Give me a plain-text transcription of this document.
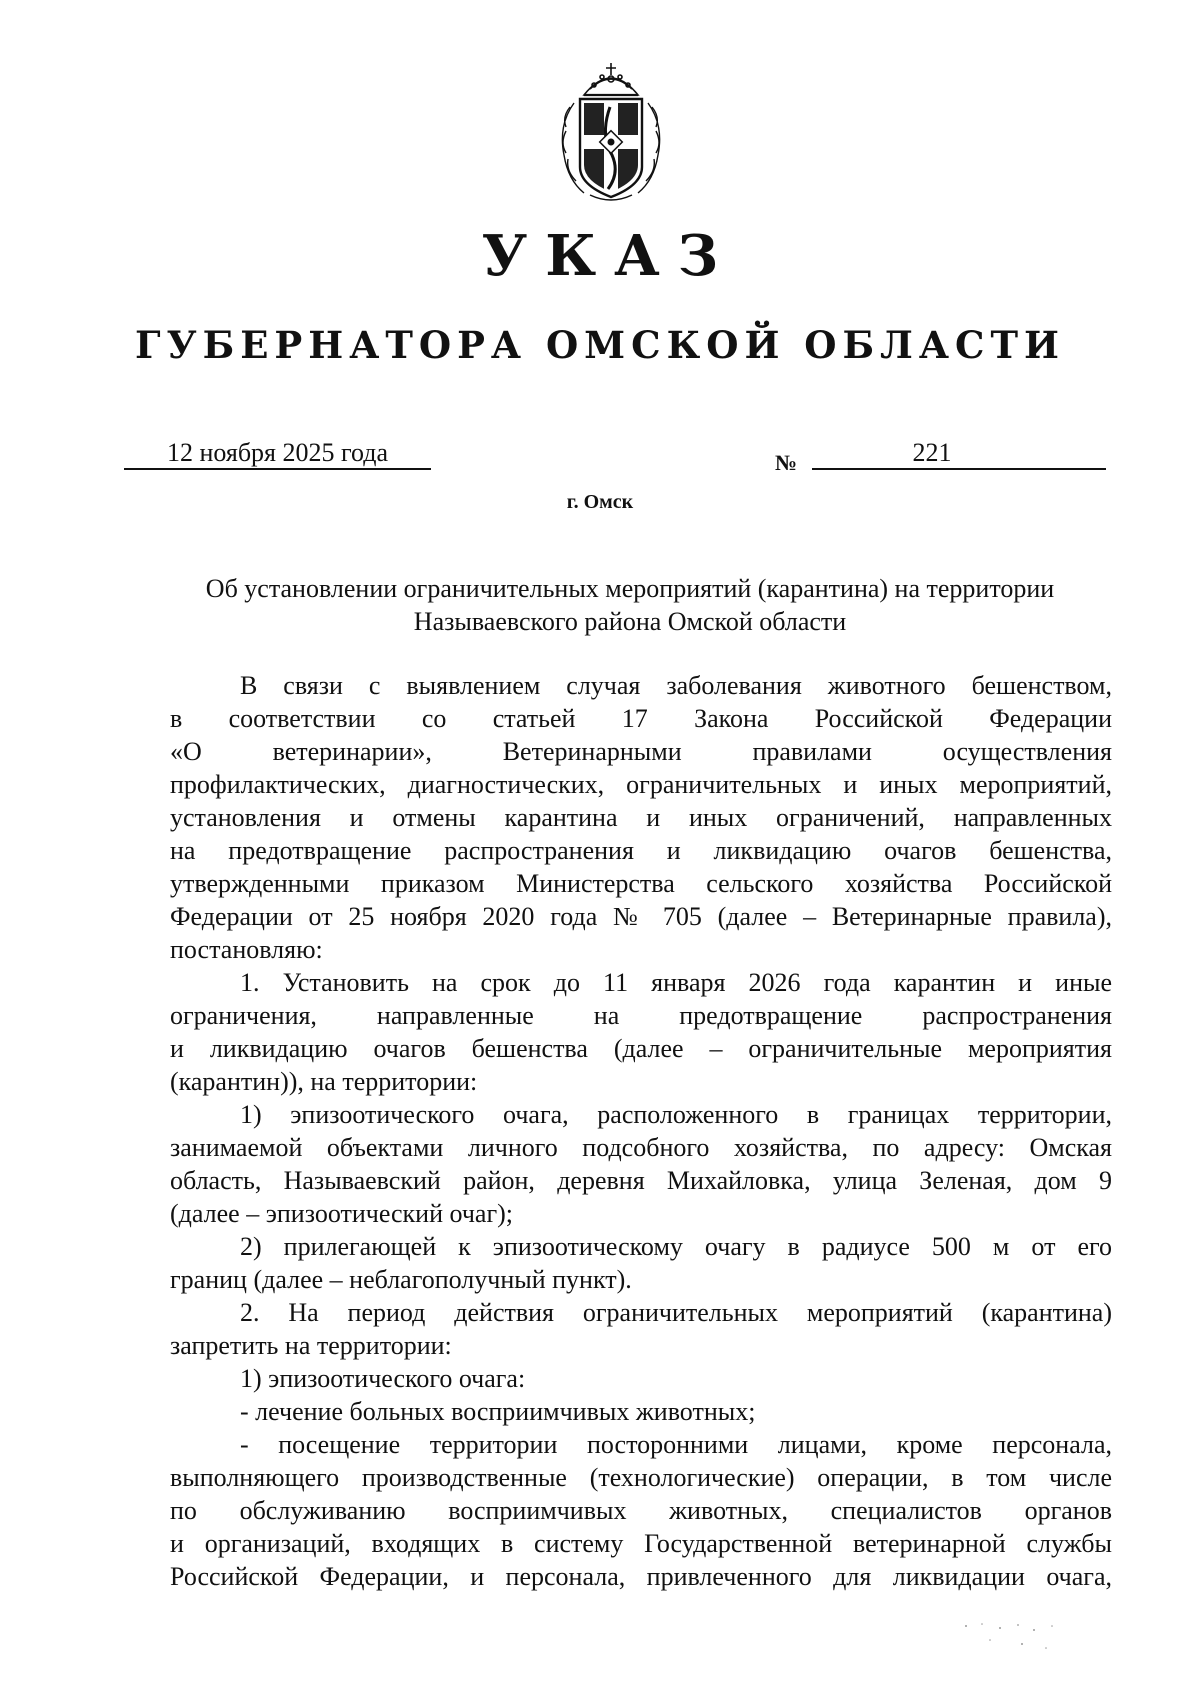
УКАЗ
ГУБЕРНАТОРА ОМСКОЙ ОБЛАСТИ
12 ноября 2025 года	№	221
г. Омск
Об установлении ограничительных мероприятий (карантина) на территории
Называевского района Омской области
В связи с выявлением случая заболевания животного бешенством,
в соответствии со статьей 17 Закона Российской Федерации
«О ветеринарии», Ветеринарными правилами осуществления
профилактических, диагностических, ограничительных и иных мероприятий,
установления и отмены карантина и иных ограничений, направленных
на предотвращение распространения и ликвидацию очагов бешенства,
утвержденными приказом Министерства сельского хозяйства Российской
Федерации от 25 ноября 2020 года № 705 (далее – Ветеринарные правила),
постановляю:
1. Установить на срок до 11 января 2026 года карантин и иные
ограничения, направленные на предотвращение распространения
и ликвидацию очагов бешенства (далее – ограничительные мероприятия
(карантин)), на территории:
1) эпизоотического очага, расположенного в границах территории,
занимаемой объектами личного подсобного хозяйства, по адресу: Омская
область, Называевский район, деревня Михайловка, улица Зеленая, дом 9
(далее – эпизоотический очаг);
2) прилегающей к эпизоотическому очагу в радиусе 500 м от его
границ (далее – неблагополучный пункт).
2. На период действия ограничительных мероприятий (карантина)
запретить на территории:
1) эпизоотического очага:
- лечение больных восприимчивых животных;
- посещение территории посторонними лицами, кроме персонала,
выполняющего производственные (технологические) операции, в том числе
по обслуживанию восприимчивых животных, специалистов органов
и организаций, входящих в систему Государственной ветеринарной службы
Российской Федерации, и персонала, привлеченного для ликвидации очага,
